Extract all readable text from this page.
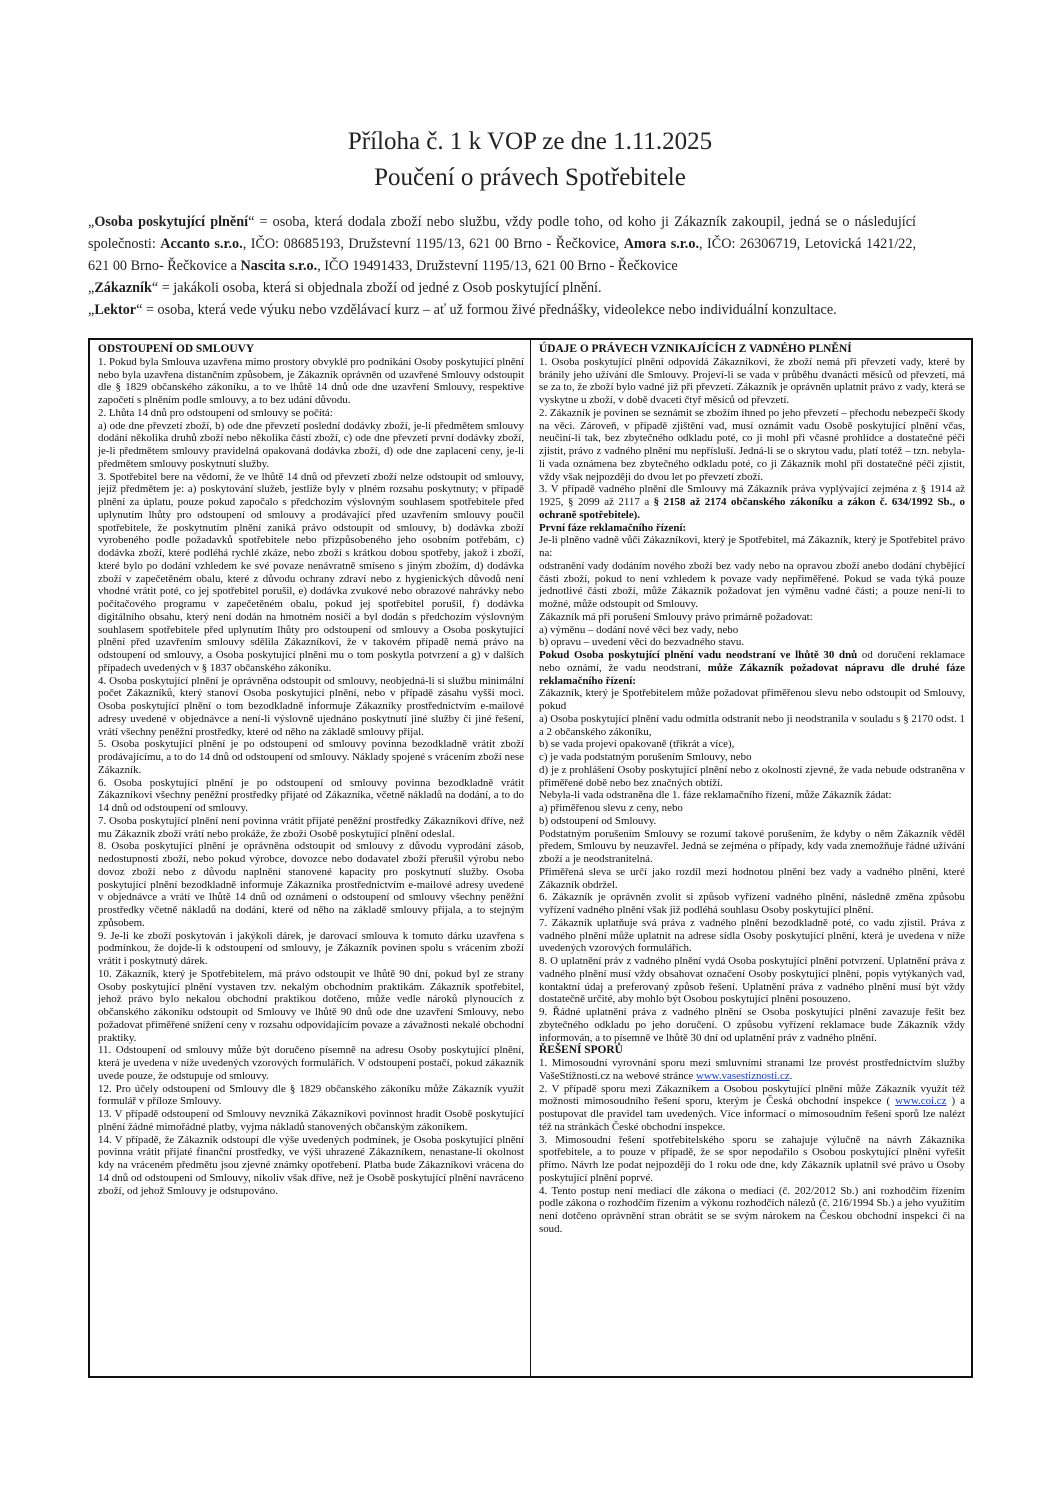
Příloha č. 1 k VOP ze dne 1.11.2025
Poučení o právech Spotřebitele

„Osoba poskytující plnění“ = osoba, která dodala zboží nebo službu, vždy podle toho, od koho ji Zákazník zakoupil, jedná se o následující společnosti: Accanto s.r.o., IČO: 08685193, Družstevní 1195/13, 621 00 Brno - Řečkovice, Amora s.r.o., IČO: 26306719, Letovická 1421/22, 621 00 Brno- Řečkovice a Nascita s.r.o., IČO 19491433, Družstevní 1195/13, 621 00 Brno - Řečkovice

„Zákazník“ = jakákoli osoba, která si objednala zboží od jedné z Osob poskytující plnění.

„Lektor“ = osoba, která vede výuku nebo vzdělávací kurz – ať už formou živé přednášky, videolekce nebo individuální konzultace.

ODSTOUPENÍ OD SMLOUVY

1. Pokud byla Smlouva uzavřena mimo prostory obvyklé pro podnikání Osoby poskytující plnění nebo byla uzavřena distančním způsobem, je Zákazník oprávněn od uzavřené Smlouvy odstoupit dle § 1829 občanského zákoníku, a to ve lhůtě 14 dnů ode dne uzavření Smlouvy, respektive započetí s plněním podle smlouvy, a to bez udání důvodu.

2. Lhůta 14 dnů pro odstoupení od smlouvy se počítá:

a) ode dne převzetí zboží, b) ode dne převzetí poslední dodávky zboží, je-li předmětem smlouvy dodání několika druhů zboží nebo několika částí zboží, c) ode dne převzetí první dodávky zboží, je-li předmětem smlouvy pravidelná opakovaná dodávka zboží, d) ode dne zaplacení ceny, je-li předmětem smlouvy poskytnutí služby.

3. Spotřebitel bere na vědomí, že ve lhůtě 14 dnů od převzetí zboží nelze odstoupit od smlouvy, jejíž předmětem je: a) poskytování služeb, jestliže byly v plném rozsahu poskytnuty; v případě plnění za úplatu, pouze pokud započalo s předchozím výslovným souhlasem spotřebitele před uplynutím lhůty pro odstoupení od smlouvy a prodávající před uzavřením smlouvy poučil spotřebitele, že poskytnutím plnění zaniká právo odstoupit od smlouvy, b) dodávka zboží vyrobeného podle požadavků spotřebitele nebo přizpůsobeného jeho osobním potřebám, c) dodávka zboží, které podléhá rychlé zkáze, nebo zboží s krátkou dobou spotřeby, jakož i zboží, které bylo po dodání vzhledem ke své povaze nenávratně smíseno s jiným zbožím, d) dodávka zboží v zapečetěném obalu, které z důvodu ochrany zdraví nebo z hygienických důvodů není vhodné vrátit poté, co jej spotřebitel porušil, e) dodávka zvukové nebo obrazové nahrávky nebo počítačového programu v zapečetěném obalu, pokud jej spotřebitel porušil, f) dodávka digitálního obsahu, který není dodán na hmotném nosiči a byl dodán s předchozím výslovným souhlasem spotřebitele před uplynutím lhůty pro odstoupení od smlouvy a Osoba poskytující plnění před uzavřením smlouvy sdělila Zákazníkovi, že v takovém případě nemá právo na odstoupení od smlouvy, a Osoba poskytující plnění mu o tom poskytla potvrzení a g) v dalších případech uvedených v § 1837 občanského zákoníku.

4. Osoba poskytující plnění je oprávněna odstoupit od smlouvy, neobjedná-li si službu minimální počet Zákazníků, který stanoví Osoba poskytující plnění, nebo v případě zásahu vyšší moci. Osoba poskytující plnění o tom bezodkladně informuje Zákazníky prostřednictvím e-mailové adresy uvedené v objednávce a není-li výslovně ujednáno poskytnutí jiné služby či jiné řešení, vrátí všechny peněžní prostředky, které od něho na základě smlouvy přijal.

5. Osoba poskytující plnění je po odstoupení od smlouvy povinna bezodkladně vrátit zboží prodávajícímu, a to do 14 dnů od odstoupení od smlouvy. Náklady spojené s vrácením zboží nese Zákazník.

6. Osoba poskytující plnění je po odstoupení od smlouvy povinna bezodkladně vrátit Zákazníkovi všechny peněžní prostředky přijaté od Zákazníka, včetně nákladů na dodání, a to do 14 dnů od odstoupení od smlouvy.

7. Osoba poskytující plnění není povinna vrátit přijaté peněžní prostředky Zákazníkovi dříve, než mu Zákazník zboží vrátí nebo prokáže, že zboží Osobě poskytující plnění odeslal.

8. Osoba poskytující plnění je oprávněna odstoupit od smlouvy z důvodu vyprodání zásob, nedostupnosti zboží, nebo pokud výrobce, dovozce nebo dodavatel zboží přerušil výrobu nebo dovoz zboží nebo z důvodu naplnění stanovené kapacity pro poskytnutí služby. Osoba poskytující plnění bezodkladně informuje Zákazníka prostřednictvím e-mailové adresy uvedené v objednávce a vrátí ve lhůtě 14 dnů od oznámení o odstoupení od smlouvy všechny peněžní prostředky včetně nákladů na dodání, které od něho na základě smlouvy přijala, a to stejným způsobem.

9. Je-li ke zboží poskytován i jakýkoli dárek, je darovací smlouva k tomuto dárku uzavřena s podmínkou, že dojde-li k odstoupení od smlouvy, je Zákazník povinen spolu s vrácením zboží vrátit i poskytnutý dárek.

10. Zákazník, který je Spotřebitelem, má právo odstoupit ve lhůtě 90 dní, pokud byl ze strany Osoby poskytující plnění vystaven tzv. nekalým obchodním praktikám. Zákazník spotřebitel, jehož právo bylo nekalou obchodní praktikou dotčeno, může vedle nároků plynoucích z občanského zákoníku odstoupit od Smlouvy ve lhůtě 90 dnů ode dne uzavření Smlouvy, nebo požadovat přiměřené snížení ceny v rozsahu odpovídajícím povaze a závažnosti nekalé obchodní praktiky.

11. Odstoupení od smlouvy může být doručeno písemně na adresu Osoby poskytující plnění, která je uvedena v níže uvedených vzorových formulářích. V odstoupení postačí, pokud zákazník uvede pouze, že odstupuje od smlouvy.

12. Pro účely odstoupení od Smlouvy dle § 1829 občanského zákoníku může Zákazník využít formulář v příloze Smlouvy.

13. V případě odstoupení od Smlouvy nevzniká Zákazníkovi povinnost hradit Osobě poskytující plnění žádné mimořádné platby, vyjma nákladů stanovených občanským zákoníkem.

14. V případě, že Zákazník odstoupí dle výše uvedených podmínek, je Osoba poskytující plnění povinna vrátit přijaté finanční prostředky, ve výši uhrazené Zákazníkem, nenastane-li okolnost kdy na vráceném předmětu jsou zjevné známky opotřebení. Platba bude Zákazníkovi vrácena do 14 dnů od odstoupení od Smlouvy, nikoliv však dříve, než je Osobě poskytující plnění navráceno zboží, od jehož Smlouvy je odstupováno.

ÚDAJE O PRÁVECH VZNIKAJÍCÍCH Z VADNÉHO PLNĚNÍ

1. Osoba poskytující plnění odpovídá Zákazníkovi, že zboží nemá při převzetí vady, které by bránily jeho užívání dle Smlouvy. Projeví-li se vada v průběhu dvanácti měsíců od převzetí, má se za to, že zboží bylo vadné již při převzetí. Zákazník je oprávněn uplatnit právo z vady, která se vyskytne u zboží, v době dvaceti čtyř měsíců od převzetí.

2. Zákazník je povinen se seznámit se zbožím ihned po jeho převzetí – přechodu nebezpečí škody na věci. Zároveň, v případě zjištění vad, musí oznámit vadu Osobě poskytující plnění včas, neučiní-li tak, bez zbytečného odkladu poté, co ji mohl při včasné prohlídce a dostatečné péči zjistit, právo z vadného plnění mu nepřísluší. Jedná-li se o skrytou vadu, platí totéž – tzn. nebyla-li vada oznámena bez zbytečného odkladu poté, co ji Zákazník mohl při dostatečné péči zjistit, vždy však nejpozději do dvou let po převzetí zboží.

3. V případě vadného plnění dle Smlouvy má Zákazník práva vyplývající zejména z § 1914 až 1925, § 2099 až 2117 a § 2158 až 2174 občanského zákoníku a zákon č. 634/1992 Sb., o ochraně spotřebitele).

První fáze reklamačního řízení:

Je-li plněno vadně vůči Zákazníkovi, který je Spotřebitel, má Zákazník, který je Spotřebitel právo na:

odstranění vady dodáním nového zboží bez vady nebo na opravou zboží anebo dodání chybějící části zboží, pokud to není vzhledem k povaze vady nepřiměřené. Pokud se vada týká pouze jednotlivé části zboží, může Zákazník požadovat jen výměnu vadné části; a pouze není-li to možné, může odstoupit od Smlouvy.

Zákazník má při porušení Smlouvy právo primárně požadovat:

a) výměnu – dodání nové věci bez vady, nebo

b) opravu – uvedení věci do bezvadného stavu.

Pokud Osoba poskytující plnění vadu neodstraní ve lhůtě 30 dnů od doručení reklamace nebo oznámí, že vadu neodstraní, může Zákazník požadovat nápravu dle druhé fáze reklamačního řízení:

Zákazník, který je Spotřebitelem může požadovat přiměřenou slevu nebo odstoupit od Smlouvy, pokud

a) Osoba poskytující plnění vadu odmítla odstranit nebo ji neodstranila v souladu s § 2170 odst. 1 a 2 občanského zákoníku,

b) se vada projeví opakovaně (třikrát a více),

c) je vada podstatným porušením Smlouvy, nebo

d) je z prohlášení Osoby poskytující plnění nebo z okolností zjevné, že vada nebude odstraněna v přiměřené době nebo bez značných obtíží.

Nebyla-li vada odstraněna dle 1. fáze reklamačního řízení, může Zákazník žádat:

a) přiměřenou slevu z ceny, nebo

b) odstoupení od Smlouvy.

Podstatným porušením Smlouvy se rozumí takové porušením, že kdyby o něm Zákazník věděl předem, Smlouvu by neuzavřel. Jedná se zejména o případy, kdy vada znemožňuje řádné užívání zboží a je neodstranitelná.

Přiměřená sleva se určí jako rozdíl mezi hodnotou plnění bez vady a vadného plnění, které Zákazník obdržel.

6. Zákazník je oprávněn zvolit si způsob vyřízení vadného plnění, následně změna způsobu vyřízení vadného plnění však již podléhá souhlasu Osoby poskytující plnění.

7. Zákazník uplatňuje svá práva z vadného plnění bezodkladně poté, co vadu zjistil. Práva z vadného plnění může uplatnit na adrese sídla Osoby poskytující plnění, která je uvedena v níže uvedených vzorových formulářích.

8. O uplatnění práv z vadného plnění vydá Osoba poskytující plnění potvrzení. Uplatnění práva z vadného plnění musí vždy obsahovat označení Osoby poskytující plnění, popis vytýkaných vad, kontaktní údaj a preferovaný způsob řešení. Uplatnění práva z vadného plnění musí být vždy dostatečně určité, aby mohlo být Osobou poskytující plnění posouzeno.

9. Řádné uplatnění práva z vadného plnění se Osoba poskytující plnění zavazuje řešit bez zbytečného odkladu po jeho doručení. O způsobu vyřízení reklamace bude Zákazník vždy informován, a to písemně ve lhůtě 30 dní od uplatnění práv z vadného plnění.

ŘEŠENÍ SPORŮ

1. Mimosoudní vyrovnání sporu mezi smluvními stranami lze provést prostřednictvím služby VašeStížnosti.cz na webové stránce www.vasestiznosti.cz.

2. V případě sporu mezi Zákazníkem a Osobou poskytující plnění může Zákazník využít též možnosti mimosoudního řešení sporu, kterým je Česká obchodní inspekce ( www.coi.cz ) a postupovat dle pravidel tam uvedených. Více informací o mimosoudním řešení sporů lze nalézt též na stránkách České obchodní inspekce.

3. Mimosoudní řešení spotřebitelského sporu se zahajuje výlučně na návrh Zákazníka spotřebitele, a to pouze v případě, že se spor nepodařilo s Osobou poskytující plnění vyřešit přímo. Návrh lze podat nejpozději do 1 roku ode dne, kdy Zákazník uplatnil své právo u Osoby poskytující plnění poprvé.

4. Tento postup není mediací dle zákona o mediaci (č. 202/2012 Sb.) ani rozhodčím řízením podle zákona o rozhodčím řízením a výkonu rozhodčích nálezů (č. 216/1994 Sb.) a jeho využitím není dotčeno oprávnění stran obrátit se se svým nárokem na Českou obchodní inspekci či na soud.
